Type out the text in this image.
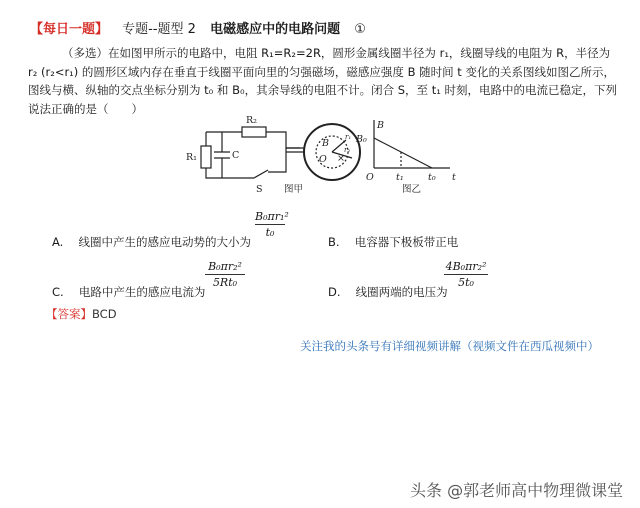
【每日一题】 专题--题型 2 电磁感应中的电路问题 ①
（多选）在如图甲所示的电路中，电阻 R₁=R₂=2R，圆形金属线圈半径为 r₁，线圈导线的电阻为 R，半径为 r₂ (r₂<r₁) 的圆形区域内存在垂直于线圈平面向里的匀强磁场，磁感应强度 B 随时间 t 变化的关系图线如图乙所示，图线与横、纵轴的交点坐标分别为 t₀ 和 B₀，其余导线的电阻不计。闭合 S，至 t₁ 时刻，电路中的电流已稳定，下列说法正确的是（　　）
R₂
R₁	C
S
B
O ×
r₁
r₂
图甲
B
t
O
B₀
t₁	t₀
图乙
A.　 线圈中产生的感应电动势的大小为
B₀πr₁²
t₀
B.　 电容器下极板带正电
C.　 电路中产生的感应电流为
B₀πr₂²
5Rt₀
D.　 线圈两端的电压为
4B₀πr₂²
5t₀
【答案】BCD
关注我的头条号有详细视频讲解（视频文件在西瓜视频中）
头条 @郭老师高中物理微课堂
